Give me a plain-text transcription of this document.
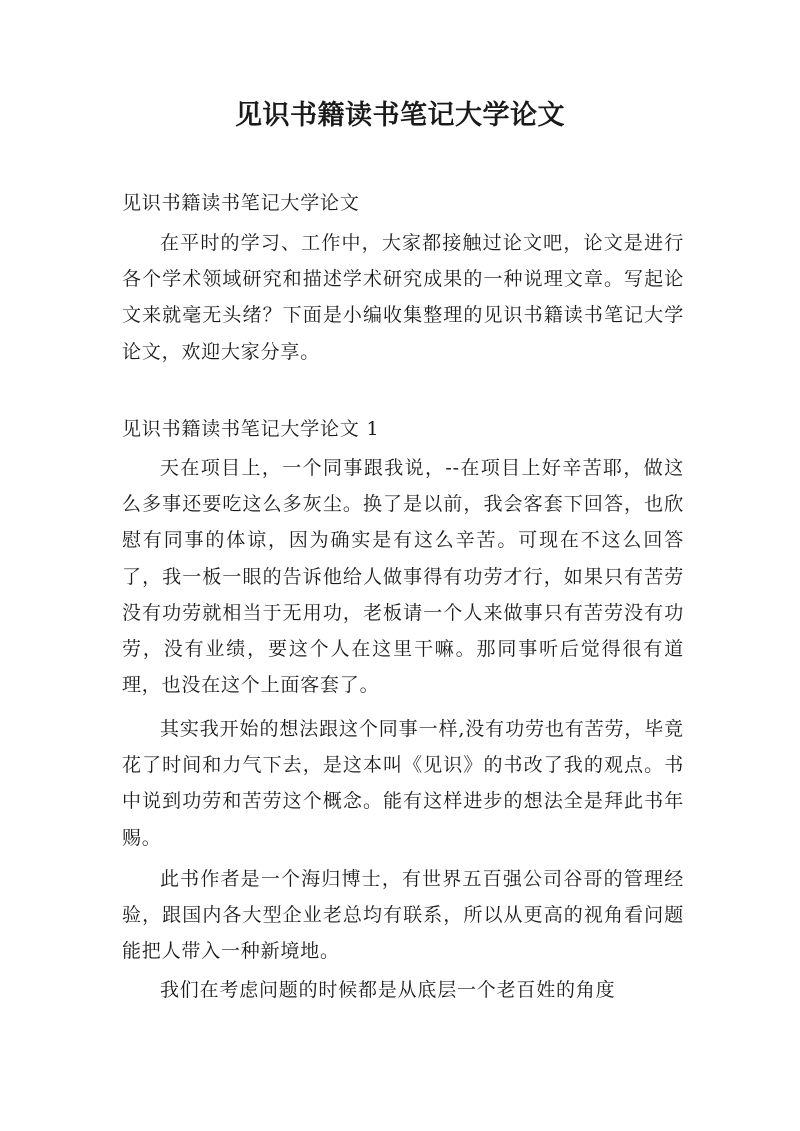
见识书籍读书笔记大学论文

见识书籍读书笔记大学论文

在平时的学习、工作中，大家都接触过论文吧，论文是进行各个学术领域研究和描述学术研究成果的一种说理文章。写起论文来就毫无头绪？下面是小编收集整理的见识书籍读书笔记大学论文，欢迎大家分享。

见识书籍读书笔记大学论文 1

天在项目上，一个同事跟我说，--在项目上好辛苦耶，做这么多事还要吃这么多灰尘。换了是以前，我会客套下回答，也欣慰有同事的体谅，因为确实是有这么辛苦。可现在不这么回答了，我一板一眼的告诉他给人做事得有功劳才行，如果只有苦劳没有功劳就相当于无用功，老板请一个人来做事只有苦劳没有功劳，没有业绩，要这个人在这里干嘛。那同事听后觉得很有道理，也没在这个上面客套了。

其实我开始的想法跟这个同事一样,没有功劳也有苦劳，毕竟花了时间和力气下去，是这本叫《见识》的书改了我的观点。书中说到功劳和苦劳这个概念。能有这样进步的想法全是拜此书年赐。

此书作者是一个海归博士，有世界五百强公司谷哥的管理经验，跟国内各大型企业老总均有联系，所以从更高的视角看问题能把人带入一种新境地。

我们在考虑问题的时候都是从底层一个老百姓的角度
